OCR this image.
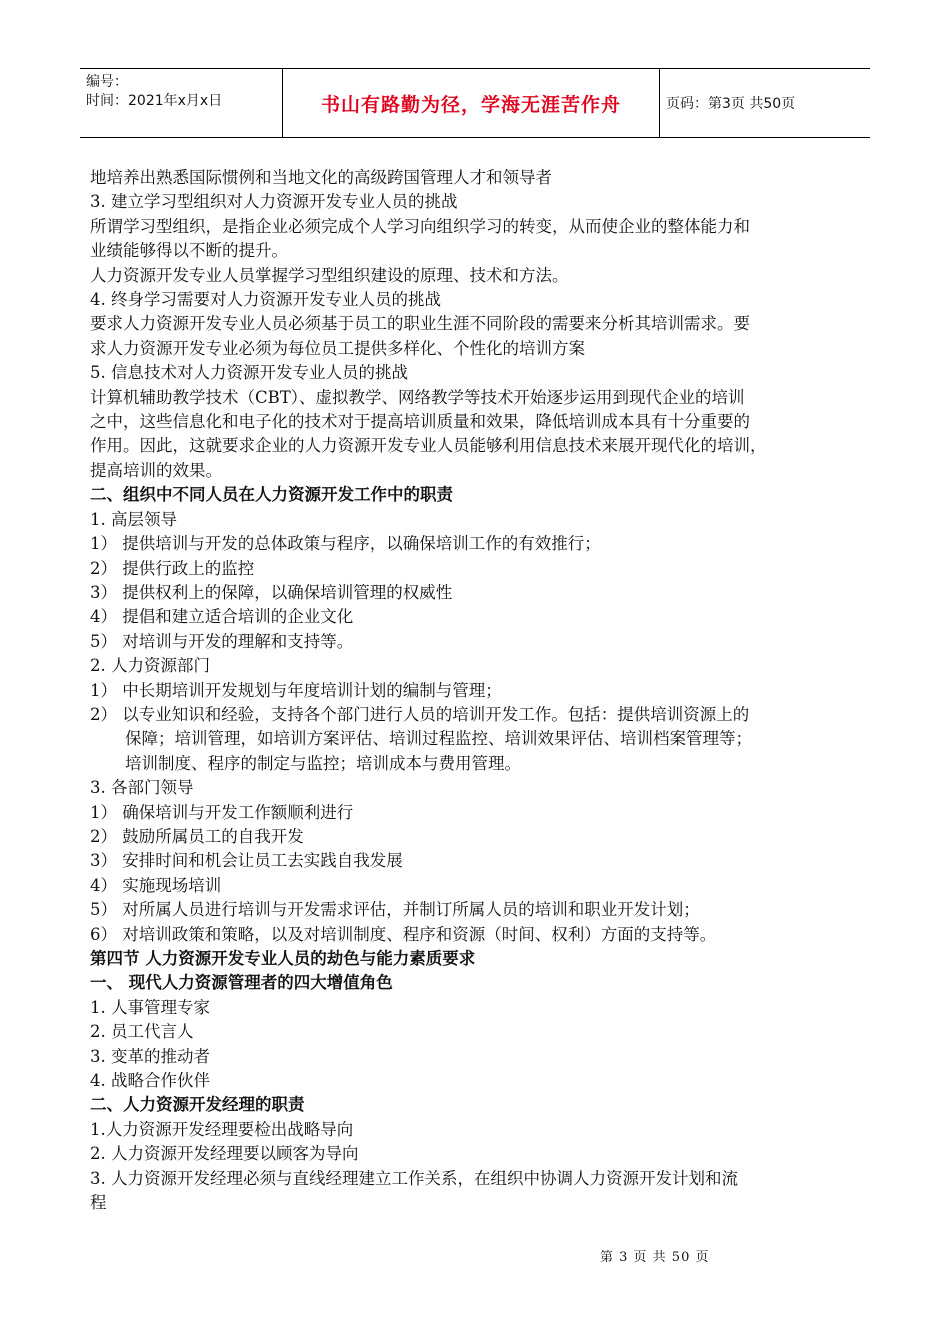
编号：
时间：2021年x月x日	书山有路勤为径，学海无涯苦作舟	页码：第3页 共50页
地培养出熟悉国际惯例和当地文化的高级跨国管理人才和领导者
3. 建立学习型组织对人力资源开发专业人员的挑战
所谓学习型组织，是指企业必须完成个人学习向组织学习的转变，从而使企业的整体能力和
业绩能够得以不断的提升。
人力资源开发专业人员掌握学习型组织建设的原理、技术和方法。
4. 终身学习需要对人力资源开发专业人员的挑战
要求人力资源开发专业人员必须基于员工的职业生涯不同阶段的需要来分析其培训需求。要
求人力资源开发专业必须为每位员工提供多样化、个性化的培训方案
5. 信息技术对人力资源开发专业人员的挑战
计算机辅助教学技术（CBT）、虚拟教学、网络教学等技术开始逐步运用到现代企业的培训
之中，这些信息化和电子化的技术对于提高培训质量和效果，降低培训成本具有十分重要的
作用。因此，这就要求企业的人力资源开发专业人员能够利用信息技术来展开现代化的培训，
提高培训的效果。
二、组织中不同人员在人力资源开发工作中的职责
1. 高层领导
1） 提供培训与开发的总体政策与程序，以确保培训工作的有效推行；
2） 提供行政上的监控
3） 提供权利上的保障，以确保培训管理的权威性
4） 提倡和建立适合培训的企业文化
5） 对培训与开发的理解和支持等。
2. 人力资源部门
1） 中长期培训开发规划与年度培训计划的编制与管理；
2） 以专业知识和经验，支持各个部门进行人员的培训开发工作。包括：提供培训资源上的
保障；培训管理，如培训方案评估、培训过程监控、培训效果评估、培训档案管理等；
培训制度、程序的制定与监控；培训成本与费用管理。
3. 各部门领导
1） 确保培训与开发工作额顺利进行
2） 鼓励所属员工的自我开发
3） 安排时间和机会让员工去实践自我发展
4） 实施现场培训
5） 对所属人员进行培训与开发需求评估，并制订所属人员的培训和职业开发计划；
6） 对培训政策和策略，以及对培训制度、程序和资源（时间、权利）方面的支持等。
第四节 人力资源开发专业人员的劫色与能力素质要求
一、 现代人力资源管理者的四大增值角色
1. 人事管理专家
2. 员工代言人
3. 变革的推动者
4. 战略合作伙伴
二、人力资源开发经理的职责
1.人力资源开发经理要检出战略导向
2. 人力资源开发经理要以顾客为导向
3. 人力资源开发经理必须与直线经理建立工作关系，在组织中协调人力资源开发计划和流
程
第 3 页 共 50 页
